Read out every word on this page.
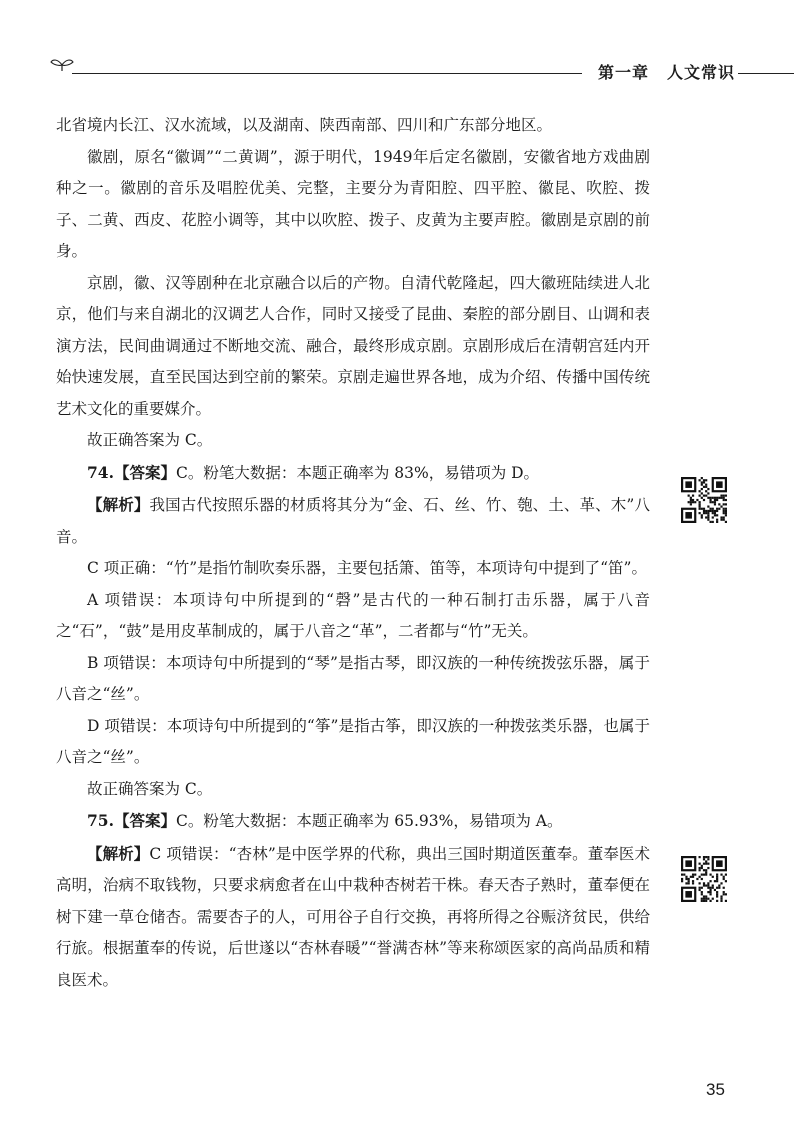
第一章 人文常识

北省境内长江、汉水流域，以及湖南、陕西南部、四川和广东部分地区。

徽剧，原名“徽调”“二黄调”，源于明代，1949年后定名徽剧，安徽省地方戏曲剧种之一。徽剧的音乐及唱腔优美、完整，主要分为青阳腔、四平腔、徽昆、吹腔、拨子、二黄、西皮、花腔小调等，其中以吹腔、拨子、皮黄为主要声腔。徽剧是京剧的前身。

京剧，徽、汉等剧种在北京融合以后的产物。自清代乾隆起，四大徽班陆续进人北京，他们与来自湖北的汉调艺人合作，同时又接受了昆曲、秦腔的部分剧目、山调和表演方法，民间曲调通过不断地交流、融合，最终形成京剧。京剧形成后在清朝宫廷内开始快速发展，直至民国达到空前的繁荣。京剧走遍世界各地，成为介绍、传播中国传统艺术文化的重要媒介。

故正确答案为 C。

74.【答案】C。粉笔大数据：本题正确率为 83%，易错项为 D。

【解析】我国古代按照乐器的材质将其分为“金、石、丝、竹、匏、土、革、木”八音。

C 项正确：“竹”是指竹制吹奏乐器，主要包括箫、笛等，本项诗句中提到了“笛”。

A 项错误：本项诗句中所提到的“磬”是古代的一种石制打击乐器，属于八音之“石”，“鼓”是用皮革制成的，属于八音之“革”，二者都与“竹”无关。

B 项错误：本项诗句中所提到的“琴”是指古琴，即汉族的一种传统拨弦乐器，属于八音之“丝”。

D 项错误：本项诗句中所提到的“筝”是指古筝，即汉族的一种拨弦类乐器，也属于八音之“丝”。

故正确答案为 C。

75.【答案】C。粉笔大数据：本题正确率为 65.93%，易错项为 A。

【解析】C 项错误：“杏林”是中医学界的代称，典出三国时期道医董奉。董奉医术高明，治病不取钱物，只要求病愈者在山中栽种杏树若干株。春天杏子熟时，董奉便在树下建一草仓储杏。需要杏子的人，可用谷子自行交换，再将所得之谷赈济贫民，供给行旅。根据董奉的传说，后世遂以“杏林春暖”“誉满杏林”等来称颂医家的高尚品质和精良医术。

35
